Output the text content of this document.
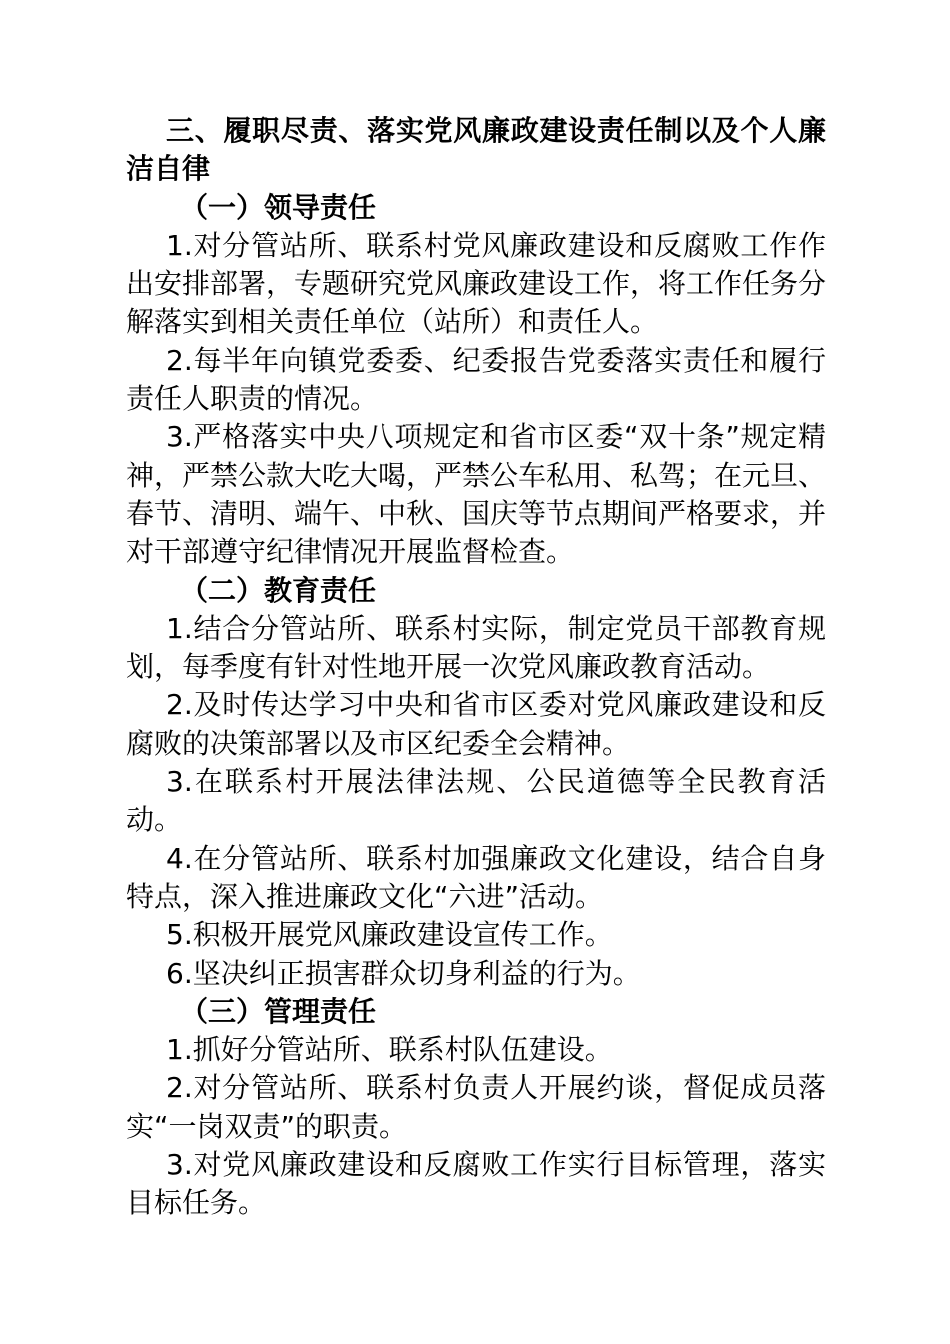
三、履职尽责、落实党风廉政建设责任制以及个人廉洁自律

（一）领导责任

1.对分管站所、联系村党风廉政建设和反腐败工作作出安排部署，专题研究党风廉政建设工作，将工作任务分解落实到相关责任单位（站所）和责任人。

2.每半年向镇党委委、纪委报告党委落实责任和履行责任人职责的情况。

3.严格落实中央八项规定和省市区委“双十条”规定精神，严禁公款大吃大喝，严禁公车私用、私驾；在元旦、春节、清明、端午、中秋、国庆等节点期间严格要求，并对干部遵守纪律情况开展监督检查。

（二）教育责任

1.结合分管站所、联系村实际，制定党员干部教育规划，每季度有针对性地开展一次党风廉政教育活动。

2.及时传达学习中央和省市区委对党风廉政建设和反腐败的决策部署以及市区纪委全会精神。

3.在联系村开展法律法规、公民道德等全民教育活动。

4.在分管站所、联系村加强廉政文化建设，结合自身特点，深入推进廉政文化“六进”活动。

5.积极开展党风廉政建设宣传工作。

6.坚决纠正损害群众切身利益的行为。

（三）管理责任

1.抓好分管站所、联系村队伍建设。

2.对分管站所、联系村负责人开展约谈，督促成员落实“一岗双责”的职责。

3.对党风廉政建设和反腐败工作实行目标管理，落实目标任务。
